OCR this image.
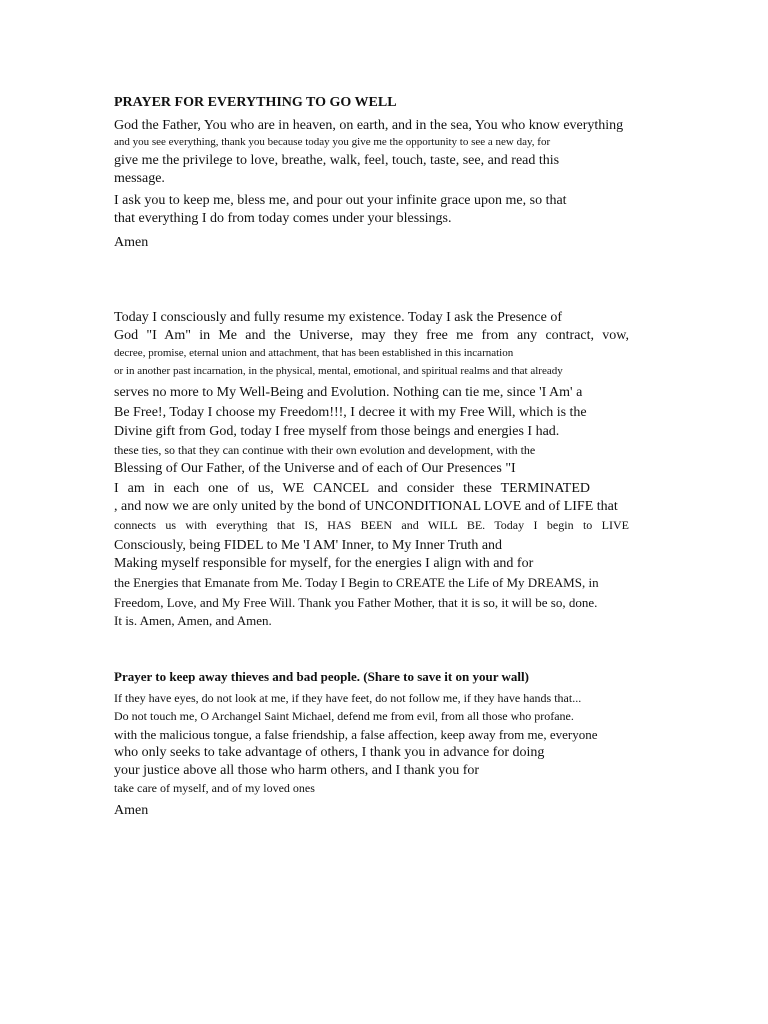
PRAYER FOR EVERYTHING TO GO WELL
God the Father, You who are in heaven, on earth, and in the sea, You who know everything
and you see everything, thank you because today you give me the opportunity to see a new day, for
give me the privilege to love, breathe, walk, feel, touch, taste, see, and read this
message.
I ask you to keep me, bless me, and pour out your infinite grace upon me, so that
that everything I do from today comes under your blessings.
Amen
Today I consciously and fully resume my existence. Today I ask the Presence of
God "I Am" in Me and the Universe, may they free me from any contract, vow,
decree, promise, eternal union and attachment, that has been established in this incarnation
or in another past incarnation, in the physical, mental, emotional, and spiritual realms and that already
serves no more to My Well-Being and Evolution. Nothing can tie me, since 'I Am' a
Be Free!, Today I choose my Freedom!!!, I decree it with my Free Will, which is the
Divine gift from God, today I free myself from those beings and energies I had.
these ties, so that they can continue with their own evolution and development, with the
Blessing of Our Father, of the Universe and of each of Our Presences "I
I am in each one of us, WE CANCEL and consider these TERMINATED
, and now we are only united by the bond of UNCONDITIONAL LOVE and of LIFE that
connects us with everything that IS, HAS BEEN and WILL BE. Today I begin to LIVE
Consciously, being FIDEL to Me 'I AM' Inner, to My Inner Truth and
Making myself responsible for myself, for the energies I align with and for
the Energies that Emanate from Me. Today I Begin to CREATE the Life of My DREAMS, in
Freedom, Love, and My Free Will. Thank you Father Mother, that it is so, it will be so, done.
It is. Amen, Amen, and Amen.
Prayer to keep away thieves and bad people. (Share to save it on your wall)
If they have eyes, do not look at me, if they have feet, do not follow me, if they have hands that...
Do not touch me, O Archangel Saint Michael, defend me from evil, from all those who profane.
with the malicious tongue, a false friendship, a false affection, keep away from me, everyone
who only seeks to take advantage of others, I thank you in advance for doing
your justice above all those who harm others, and I thank you for
take care of myself, and of my loved ones
Amen
